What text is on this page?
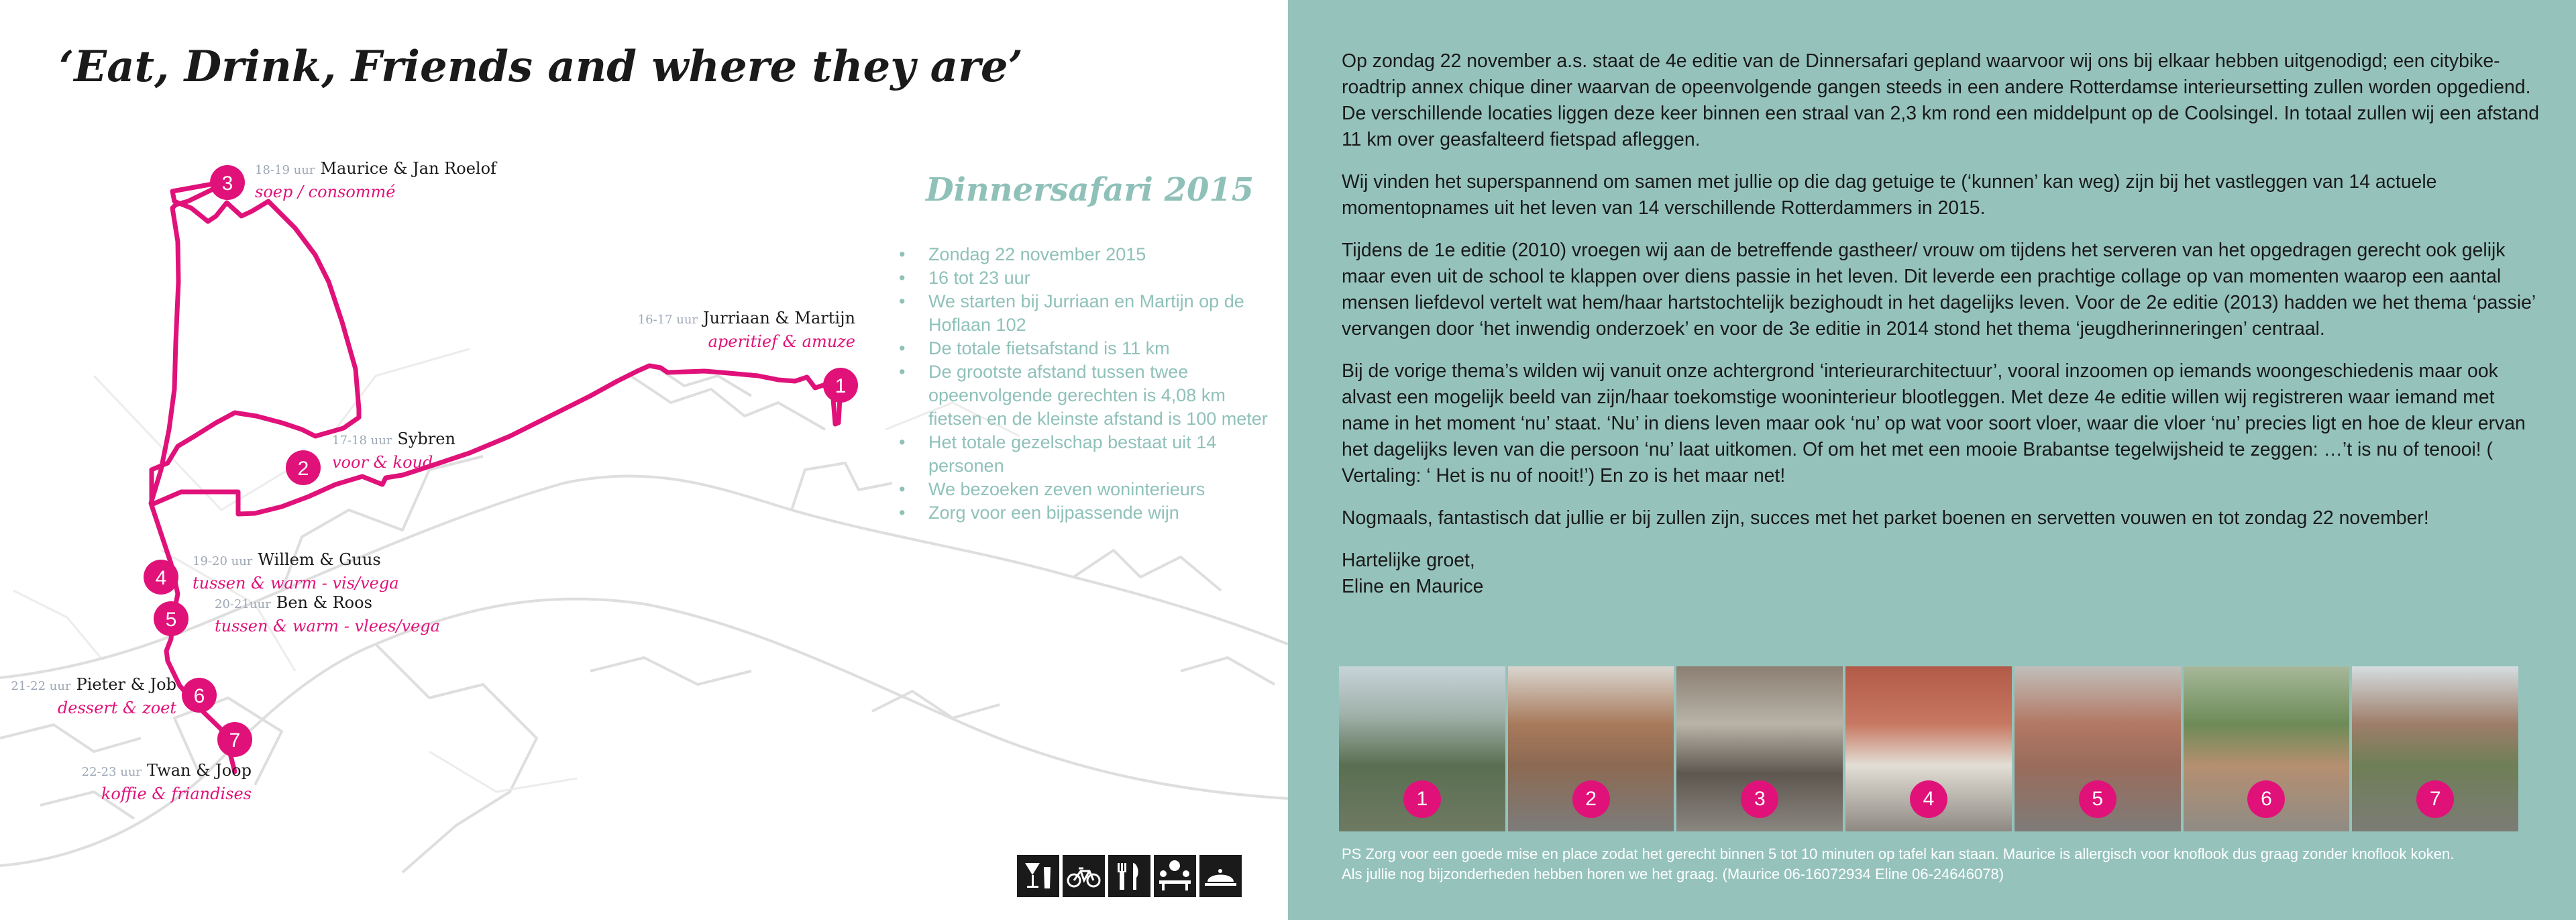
1
2
3
4
5
6
7
‘Eat, Drink, Friends and where they are’
16-17 uur Jurriaan & Martijn
aperitief & amuze
17-18 uur Sybren
voor & koud
18-19 uur Maurice & Jan Roelof
soep / consommé
19-20 uur Willem & Guus
tussen & warm - vis/vega
20-21uur Ben & Roos
tussen & warm - vlees/vega
21-22 uur Pieter & Job
dessert & zoet
22-23 uur Twan & Joop
koffie & friandises
Dinnersafari 2015
• Zondag 22 november 2015
• 16 tot 23 uur
• We starten bij Jurriaan en Martijn op de Hoflaan 102
• De totale fietsafstand is 11 km
• De grootste afstand tussen twee opeenvolgende gerechten is 4,08 km fietsen en de kleinste afstand is 100 meter
• Het totale gezelschap bestaat uit 14 personen
• We bezoeken zeven woninterieurs
• Zorg voor een bijpassende wijn

Op zondag 22 november a.s. staat de 4e editie van de Dinnersafari gepland waarvoor wij ons bij elkaar hebben uitgenodigd; een citybike-roadtrip annex chique diner waarvan de opeenvolgende gangen steeds in een andere Rotterdamse interieursetting zullen worden opgediend. De verschillende locaties liggen deze keer binnen een straal van 2,3 km rond een middelpunt op de Coolsingel. In totaal zullen wij een afstand 11 km over geasfalteerd fietspad afleggen.

Wij vinden het superspannend om samen met jullie op die dag getuige te (‘kunnen’ kan weg) zijn bij het vastleggen van 14 actuele momentopnames uit het leven van 14 verschillende Rotterdammers in 2015.

Tijdens de 1e editie (2010) vroegen wij aan de betreffende gastheer/ vrouw om tijdens het serveren van het opgedragen gerecht ook gelijk maar even uit de school te klappen over diens passie in het leven. Dit leverde een prachtige collage op van momenten waarop een aantal mensen liefdevol vertelt wat hem/haar hartstochtelijk bezighoudt in het dagelijks leven. Voor de 2e editie (2013) hadden we het thema ‘passie’ vervangen door ‘het inwendig onderzoek’ en voor de 3e editie in 2014 stond het thema ‘jeugdherinneringen’ centraal.

Bij de vorige thema’s wilden wij vanuit onze achtergrond ‘interieurarchitectuur’, vooral inzoomen op iemands woongeschiedenis maar ook alvast een mogelijk beeld van zijn/haar toekomstige wooninterieur blootleggen. Met deze 4e editie willen wij registreren waar iemand met name in het moment ‘nu’ staat. ‘Nu’ in diens leven maar ook ‘nu’ op wat voor soort vloer, waar die vloer ‘nu’ precies ligt en hoe de kleur ervan het dagelijks leven van die persoon ‘nu’ laat uitkomen. Of om het met een mooie Brabantse tegelwijsheid te zeggen: …’t is nu of tenooi! ( Vertaling: ‘ Het is nu of nooit!’) En zo is het maar net!

Nogmaals, fantastisch dat jullie er bij zullen zijn, succes met het parket boenen en servetten vouwen en tot zondag 22 november!

Hartelijke groet,
Eline en Maurice
1	2	3	4	5	6	7
PS Zorg voor een goede mise en place zodat het gerecht binnen 5 tot 10 minuten op tafel kan staan. Maurice is allergisch voor knoflook dus graag zonder knoflook koken.
Als jullie nog bijzonderheden hebben horen we het graag. (Maurice 06-16072934 Eline 06-24646078)
